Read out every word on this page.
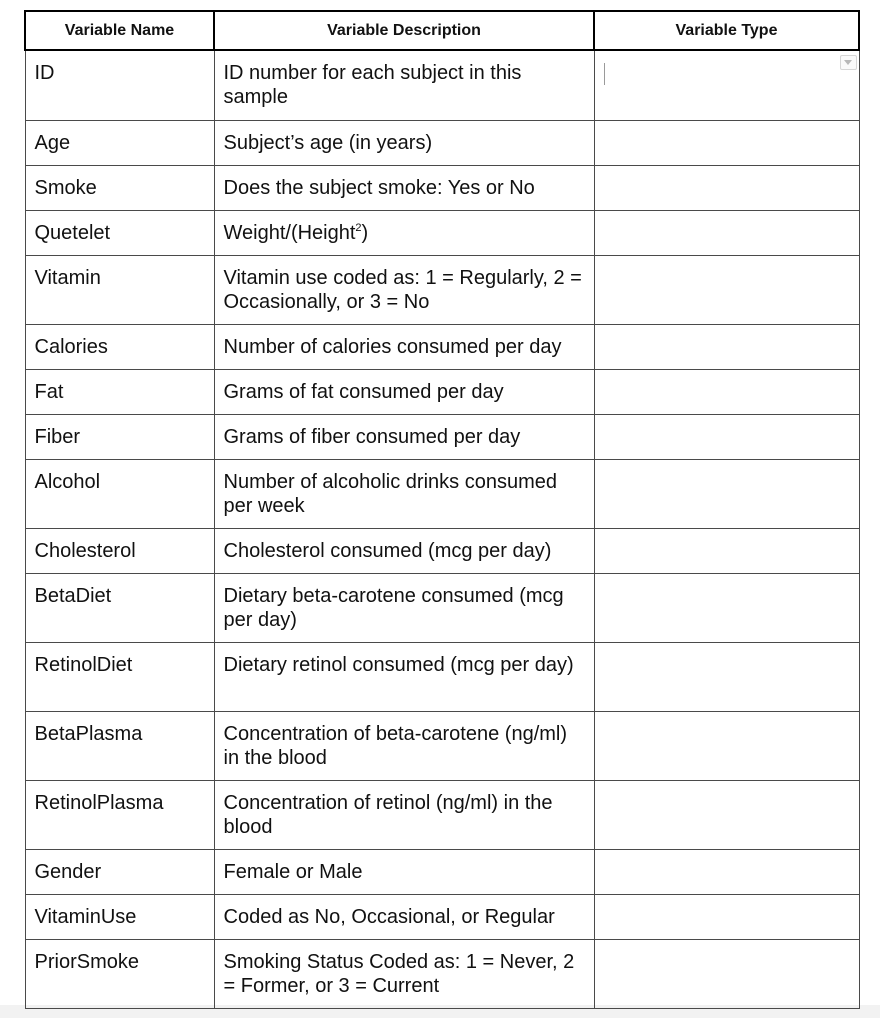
Variable Name	Variable Description	Variable Type
ID	ID number for each subject in this sample	

Age	Subject’s age (in years)	
Smoke	Does the subject smoke: Yes or No	
Quetelet	Weight/(Height$^2$)	
Vitamin	Vitamin use coded as: 1 = Regularly, 2 = Occasionally, or 3 = No	
Calories	Number of calories consumed per day	
Fat	Grams of fat consumed per day	
Fiber	Grams of fiber consumed per day	
Alcohol	Number of alcoholic drinks consumed per week	
Cholesterol	Cholesterol consumed (mcg per day)	
BetaDiet	Dietary beta-carotene consumed (mcg per day)	
RetinolDiet	Dietary retinol consumed (mcg per day)	
BetaPlasma	Concentration of beta-carotene (ng/ml) in the blood	
RetinolPlasma	Concentration of retinol (ng/ml) in the blood	
Gender	Female or Male	
VitaminUse	Coded as No, Occasional, or Regular	
PriorSmoke	Smoking Status Coded as: 1 = Never, 2 = Former, or 3 = Current	
